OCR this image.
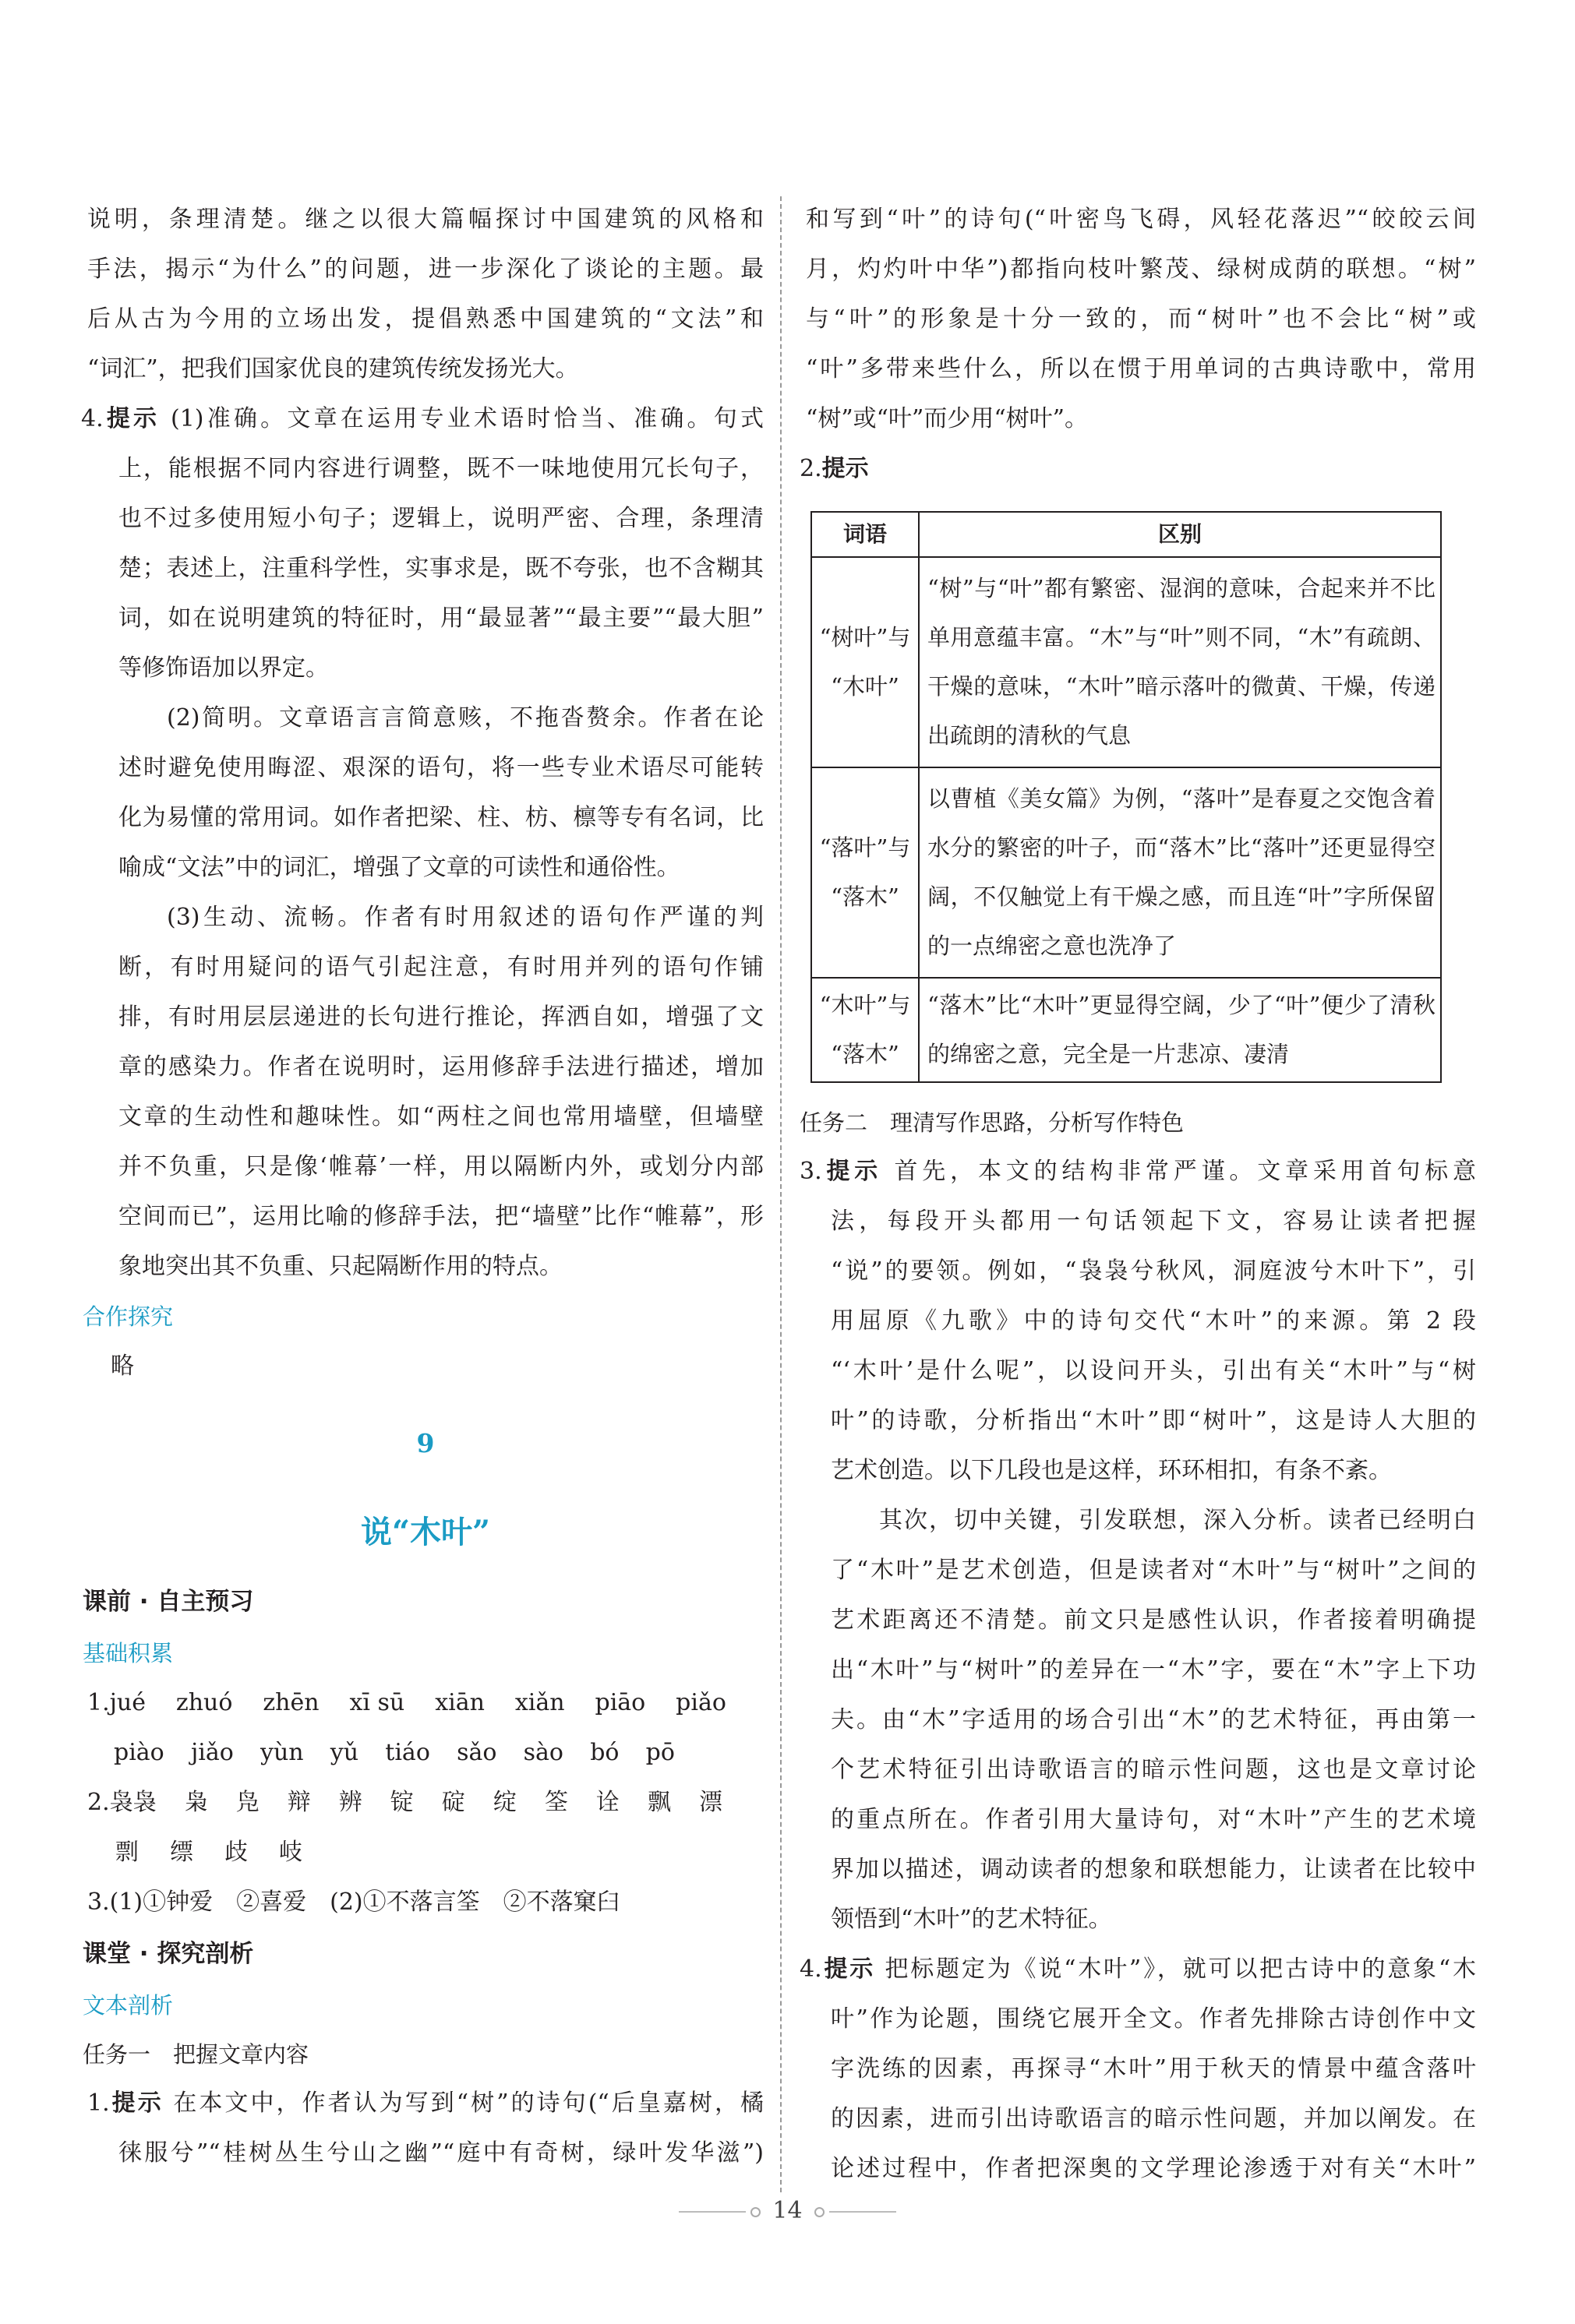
说明，条理清楚。继之以很大篇幅探讨中国建筑的风格和

手法，揭示“为什么”的问题，进一步深化了谈论的主题。最

后从古为今用的立场出发，提倡熟悉中国建筑的“文法”和

“词汇”，把我们国家优良的建筑传统发扬光大。

4.提示 (1)准确。文章在运用专业术语时恰当、准确。句式

上，能根据不同内容进行调整，既不一味地使用冗长句子，

也不过多使用短小句子；逻辑上，说明严密、合理，条理清

楚；表述上，注重科学性，实事求是，既不夸张，也不含糊其

词，如在说明建筑的特征时，用“最显著”“最主要”“最大胆”

等修饰语加以界定。

(2)简明。文章语言言简意赅，不拖沓赘余。作者在论

述时避免使用晦涩、艰深的语句，将一些专业术语尽可能转

化为易懂的常用词。如作者把梁、柱、枋、檩等专有名词，比

喻成“文法”中的词汇，增强了文章的可读性和通俗性。

(3)生动、流畅。作者有时用叙述的语句作严谨的判

断，有时用疑问的语气引起注意，有时用并列的语句作铺

排，有时用层层递进的长句进行推论，挥洒自如，增强了文

章的感染力。作者在说明时，运用修辞手法进行描述，增加

文章的生动性和趣味性。如“两柱之间也常用墙壁，但墙壁

并不负重，只是像‘帷幕’一样，用以隔断内外，或划分内部

空间而已”，运用比喻的修辞手法，把“墙壁”比作“帷幕”，形

象地突出其不负重、只起隔断作用的特点。

合作探究

略

9
说“木叶”

课前 · 自主预习

基础积累

1.jué zhuó zhēn xī sū xiān xiǎn piāo piǎo
piào jiǎo yùn yǔ tiáo sǎo sào bó pō
2.袅袅 枭 凫 辩 辨 锭 碇 绽 筌 诠 飘 漂
剽 缥 歧 岐

3.(1)①钟爱　②喜爱　(2)①不落言筌　②不落窠臼

课堂 · 探究剖析

文本剖析

任务一　把握文章内容

1.提示 在本文中，作者认为写到“树”的诗句(“后皇嘉树，橘

徕服兮”“桂树丛生兮山之幽”“庭中有奇树，绿叶发华滋”)

和写到“叶”的诗句(“叶密鸟飞碍，风轻花落迟”“皎皎云间

月，灼灼叶中华”)都指向枝叶繁茂、绿树成荫的联想。“树”

与“叶”的形象是十分一致的，而“树叶”也不会比“树”或

“叶”多带来些什么，所以在惯于用单词的古典诗歌中，常用

“树”或“叶”而少用“树叶”。

2.提示

词语	区别

“树叶”与
“木叶”	“树”与“叶”都有繁密、湿润的意味，合起来并不比单用意蕴丰富。“木”与“叶”则不同，“木”有疏朗、干燥的意味，“木叶”暗示落叶的微黄、干燥，传递出疏朗的清秋的气息

“落叶”与
“落木”	以曹植《美女篇》为例，“落叶”是春夏之交饱含着水分的繁密的叶子，而“落木”比“落叶”还更显得空阔，不仅触觉上有干燥之感，而且连“叶”字所保留的一点绵密之意也洗净了

“木叶”与
“落木”	“落木”比“木叶”更显得空阔，少了“叶”便少了清秋的绵密之意，完全是一片悲凉、凄清

任务二　理清写作思路，分析写作特色

3.提示 首先，本文的结构非常严谨。文章采用首句标意

法，每段开头都用一句话领起下文，容易让读者把握

“说”的要领。例如，“袅袅兮秋风，洞庭波兮木叶下”，引

用屈原《九歌》中的诗句交代“木叶”的来源。第 2 段

“‘木叶’是什么呢”，以设问开头，引出有关“木叶”与“树

叶”的诗歌，分析指出“木叶”即“树叶”，这是诗人大胆的

艺术创造。以下几段也是这样，环环相扣，有条不紊。

其次，切中关键，引发联想，深入分析。读者已经明白

了“木叶”是艺术创造，但是读者对“木叶”与“树叶”之间的

艺术距离还不清楚。前文只是感性认识，作者接着明确提

出“木叶”与“树叶”的差异在一“木”字，要在“木”字上下功

夫。由“木”字适用的场合引出“木”的艺术特征，再由第一

个艺术特征引出诗歌语言的暗示性问题，这也是文章讨论

的重点所在。作者引用大量诗句，对“木叶”产生的艺术境

界加以描述，调动读者的想象和联想能力，让读者在比较中

领悟到“木叶”的艺术特征。

4.提示 把标题定为《说“木叶”》，就可以把古诗中的意象“木

叶”作为论题，围绕它展开全文。作者先排除古诗创作中文

字洗练的因素，再探寻“木叶”用于秋天的情景中蕴含落叶

的因素，进而引出诗歌语言的暗示性问题，并加以阐发。在

论述过程中，作者把深奥的文学理论渗透于对有关“木叶”

14
